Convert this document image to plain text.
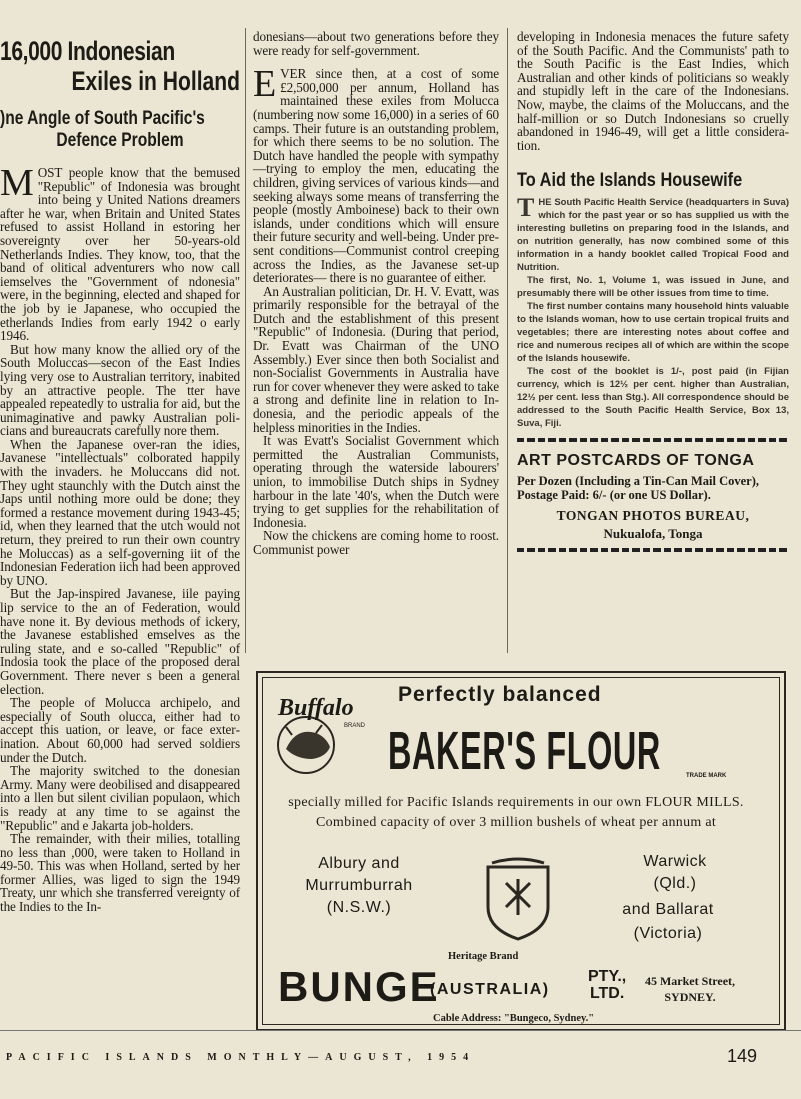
16,000 Indonesian
Exiles in Holland
)ne Angle of South Pacific's
Defence Problem

MOST people know that the bemused "Republic" of Indonesia was brought into being y United Nations dreamers after he war, when Britain and United States refused to assist Holland in estoring her sovereignty over her 50-years-old Netherlands Indies. They know, too, that the band of olitical adventurers who now call iemselves the "Government of ndonesia" were, in the beginning, elected and shaped for the job by ie Japanese, who occupied the etherlands Indies from early 1942 o early 1946.

But how many know the allied ory of the South Moluccas—secon of the East Indies lying very ose to Australian territory, inabited by an attractive people. The tter have appealed repeatedly to ustralia for aid, but the unimaginative and pawky Australian policians and bureaucrats carefully nore them.

When the Japanese over-ran the idies, Javanese "intellectuals" colborated happily with the invaders. he Moluccans did not. They ught staunchly with the Dutch ainst the Japs until nothing more ould be done; they formed a restance movement during 1943-45; id, when they learned that the utch would not return, they preired to run their own country he Moluccas) as a self-governing iit of the Indonesian Federation iich had been approved by UNO.

But the Jap-inspired Javanese, iile paying lip service to the an of Federation, would have none it. By devious methods of ickery, the Javanese established emselves as the ruling state, and e so-called "Republic" of Indosia took the place of the proposed deral Government. There never s been a general election.

The people of Molucca archipelo, and especially of South olucca, either had to accept this uation, or leave, or face exterination. About 60,000 had served soldiers under the Dutch.

The majority switched to the donesian Army. Many were deobilised and disappeared into a llen but silent civilian populaon, which is ready at any time to se against the "Republic" and e Jakarta job-holders.

The remainder, with their milies, totalling no less than ,000, were taken to Holland in 49-50. This was when Holland, serted by her former Allies, was liged to sign the 1949 Treaty, unr which she transferred vereignty of the Indies to the In-

donesians—about two generations before they were ready for self-government.

EVER since then, at a cost of some £2,500,000 per annum, Holland has maintained these exiles from Molucca (numbering now some 16,000) in a series of 60 camps. Their future is an outstanding problem, for which there seems to be no solution. The Dutch have handled the people with sympathy —trying to employ the men, educating the children, giving services of various kinds—and seeking always some means of transferring the people (mostly Amboinese) back to their own islands, under conditions which will ensure their future security and well-being. Under present conditions—Communist control creeping across the Indies, as the Javanese set-up deteriorates— there is no guarantee of either.

An Australian politician, Dr. H. V. Evatt, was primarily responsible for the betrayal of the Dutch and the establishment of this present "Republic" of Indonesia. (During that period, Dr. Evatt was Chairman of the UNO Assembly.) Ever since then both Socialist and non-Socialist Governments in Australia have run for cover whenever they were asked to take a strong and definite line in relation to Indonesia, and the periodic appeals of the helpless minorities in the Indies.

It was Evatt's Socialist Government which permitted the Australian Communists, operating through the waterside labourers' union, to immobilise Dutch ships in Sydney harbour in the late '40's, when the Dutch were trying to get supplies for the rehabilitation of Indonesia.

Now the chickens are coming home to roost. Communist power

developing in Indonesia menaces the future safety of the South Pacific. And the Communists' path to the South Pacific is the East Indies, which Australian and other kinds of politicians so weakly and stupidly left in the care of the Indonesians. Now, maybe, the claims of the Moluccans, and the half-million or so Dutch Indonesians so cruelly abandoned in 1946-49, will get a little consideration.

To Aid the Islands Housewife

THE South Pacific Health Service (headquarters in Suva) which for the past year or so has supplied us with the interesting bulletins on preparing food in the Islands, and on nutrition generally, has now combined some of this information in a handy booklet called Tropical Food and Nutrition.

The first, No. 1, Volume 1, was issued in June, and presumably there will be other issues from time to time.

The first number contains many household hints valuable to the Islands woman, how to use certain tropical fruits and vegetables; there are interesting notes about coffee and rice and numerous recipes all of which are within the scope of the Islands housewife.

The cost of the booklet is 1/-, post paid (in Fijian currency, which is 12½ per cent. higher than Australian, 12½ per cent. less than Stg.). All correspondence should be addressed to the South Pacific Health Service, Box 13, Suva, Fiji.

ART POSTCARDS OF TONGA
Per Dozen (Including a Tin-Can Mail Cover), Postage Paid: 6/- (or one US Dollar).
TONGAN PHOTOS BUREAU,
Nukualofa, Tonga
Buffalo
BRAND
Perfectly balanced
BAKER'S FLOUR	TRADE MARK
specially milled for Pacific Islands requirements in our own FLOUR MILLS. Combined capacity of over 3 million bushels of wheat per annum at
Albury and Murrumburrah (N.S.W.)
Warwick
(Qld.)
and Ballarat
(Victoria)
Heritage Brand
BUNGE
(AUSTRALIA)
PTY.,
LTD.
45 Market Street,
SYDNEY.
Cable Address: "Bungeco, Sydney."
PACIFIC ISLANDS MONTHLY—AUGUST, 1954	149
